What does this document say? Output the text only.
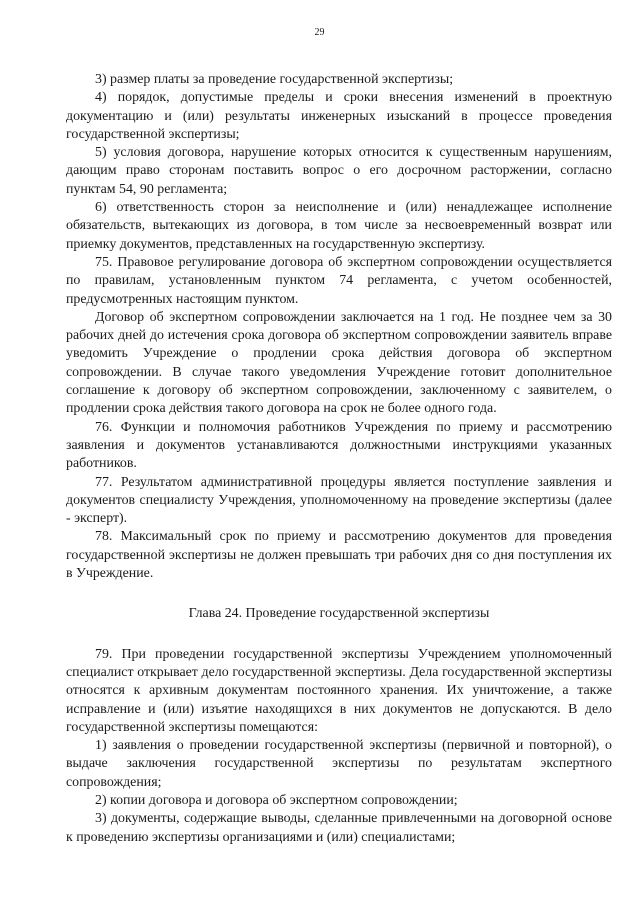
29

3) размер платы за проведение государственной экспертизы;

4) порядок, допустимые пределы и сроки внесения изменений в проектную документацию и (или) результаты инженерных изысканий в процессе проведения государственной экспертизы;

5) условия договора, нарушение которых относится к существенным нарушениям, дающим право сторонам поставить вопрос о его досрочном расторжении, согласно пунктам 54, 90 регламента;

6) ответственность сторон за неисполнение и (или) ненадлежащее исполнение обязательств, вытекающих из договора, в том числе за несвоевременный возврат или приемку документов, представленных на государственную экспертизу.

75. Правовое регулирование договора об экспертном сопровождении осуществляется по правилам, установленным пунктом 74 регламента, с учетом особенностей, предусмотренных настоящим пунктом.

Договор об экспертном сопровождении заключается на 1 год. Не позднее чем за 30 рабочих дней до истечения срока договора об экспертном сопровождении заявитель вправе уведомить Учреждение о продлении срока действия договора об экспертном сопровождении. В случае такого уведомления Учреждение готовит дополнительное соглашение к договору об экспертном сопровождении, заключенному с заявителем, о продлении срока действия такого договора на срок не более одного года.

76. Функции и полномочия работников Учреждения по приему и рассмотрению заявления и документов устанавливаются должностными инструкциями указанных работников.

77. Результатом административной процедуры является поступление заявления и документов специалисту Учреждения, уполномоченному на проведение экспертизы (далее - эксперт).

78. Максимальный срок по приему и рассмотрению документов для проведения государственной экспертизы не должен превышать три рабочих дня со дня поступления их в Учреждение.

Глава 24. Проведение государственной экспертизы

79. При проведении государственной экспертизы Учреждением уполномоченный специалист открывает дело государственной экспертизы. Дела государственной экспертизы относятся к архивным документам постоянного хранения. Их уничтожение, а также исправление и (или) изъятие находящихся в них документов не допускаются. В дело государственной экспертизы помещаются:

1) заявления о проведении государственной экспертизы (первичной и повторной), о выдаче заключения государственной экспертизы по результатам экспертного сопровождения;

2) копии договора и договора об экспертном сопровождении;

3) документы, содержащие выводы, сделанные привлеченными на договорной основе к проведению экспертизы организациями и (или) специалистами;
